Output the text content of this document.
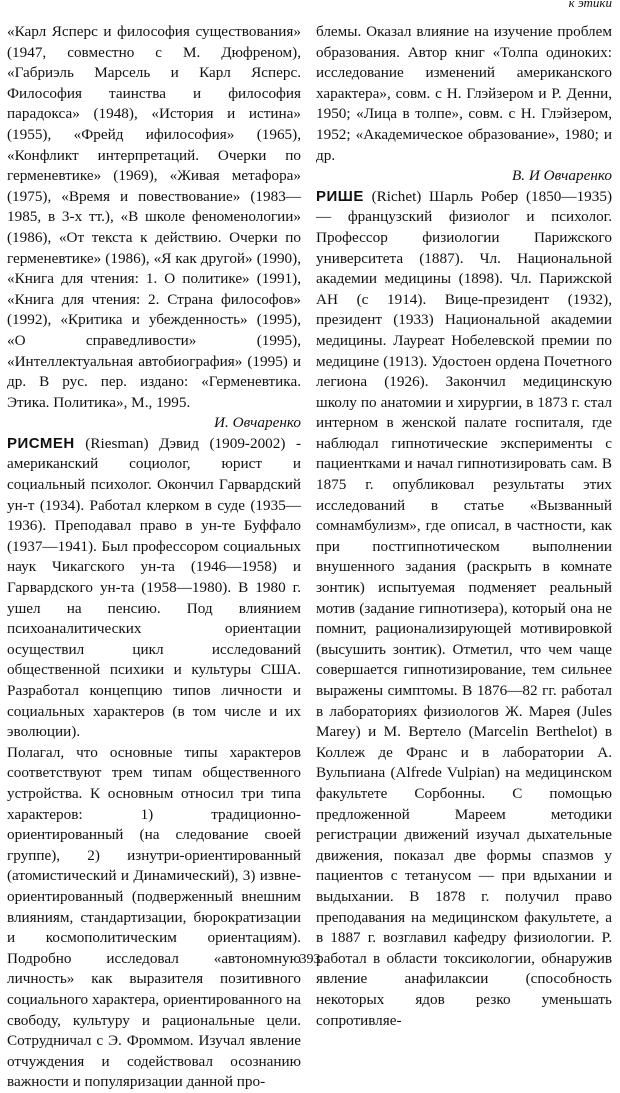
к этики

«Карл Ясперс и философия существования» (1947, совместно с М. Дюфреном), «Габриэль Марсель и Карл Ясперс. Философия таинства и философия парадокса» (1948), «История и истина» (1955), «Фрейд ифилософия» (1965), «Конфликт интерпретаций. Очерки по герменевтике» (1969), «Живая метафора» (1975), «Время и повествование» (1983—1985, в 3-х тт.), «В школе феноменологии» (1986), «От текста к действию. Очерки по герменевтике» (1986), «Я как другой» (1990), «Книга для чтения: 1. О политике» (1991), «Книга для чтения: 2. Страна философов» (1992), «Критика и убежденность» (1995), «О справедливости» (1995), «Интеллектуальная автобиография» (1995) и др. В рус. пер. издано: «Герменевтика. Этика. Политика», М., 1995.

И. Овчаренко

РИСМЕН (Riesman) Дэвид (1909-2002) - американский социолог, юрист и социальный психолог. Окончил Гарвардский ун-т (1934). Работал клерком в суде (1935—1936). Преподавал право в ун-те Буффало (1937—1941). Был профессором социальных наук Чикагского ун-та (1946—1958) и Гарвардского ун-та (1958—1980). В 1980 г. ушел на пенсию. Под влиянием психоаналитических ориентации осуществил цикл исследований общественной психики и культуры США. Разработал концепцию типов личности и социальных характеров (в том числе и их эволюции).

Полагал, что основные типы характеров соответствуют трем типам общественного устройства. К основным относил три типа характеров: 1) традиционно-ориентированный (на следование своей группе), 2) изнутри-ориентированный (атомистический и Динамический), 3) извне-ориентированный (подверженный внешним влияниям, стандартизации, бюрократизации и космополитическим ориентациям). Подробно исследовал «автономную личность» как выразителя позитивного социального характера, ориентированного на свободу, культуру и рациональные цели. Сотрудничал с Э. Фроммом. Изучал явление отчуждения и содействовал осознанию важности и популяризации данной про-

блемы. Оказал влияние на изучение проблем образования. Автор книг «Толпа одиноких: исследование изменений американского характера», совм. с Н. Глэйзером и Р. Денни, 1950; «Лица в толпе», совм. с Н. Глэйзером, 1952; «Академическое образование», 1980; и др.

В. И Овчаренко

РИШЕ (Richet) Шарль Робер (1850—1935) — французский физиолог и психолог. Профессор физиологии Парижского университета (1887). Чл. Национальной академии медицины (1898). Чл. Парижской АН (с 1914). Вице-президент (1932), президент (1933) Национальной академии медицины. Лауреат Нобелевской премии по медицине (1913). Удостоен ордена Почетного легиона (1926). Закончил медицинскую школу по анатомии и хирургии, в 1873 г. стал интерном в женской палате госпиталя, где наблюдал гипнотические эксперименты с пациентками и начал гипнотизировать сам. В 1875 г. опубликовал результаты этих исследований в статье «Вызванный сомнамбулизм», где описал, в частности, как при постгипнотическом выполнении внушенного задания (раскрыть в комнате зонтик) испытуемая подменяет реальный мотив (задание гипнотизера), который она не помнит, рационализирующей мотивировкой (высушить зонтик). Отметил, что чем чаще совершается гипнотизирование, тем сильнее выражены симптомы. В 1876—82 гг. работал в лабораториях физиологов Ж. Марея (Jules Marey) и М. Вертело (Marcelin Berthelot) в Коллеж де Франс и в лаборатории А. Вульпиана (Alfrede Vulpian) на медицинском факультете Сорбонны. С помощью предложенной Мареем методики регистрации движений изучал дыхательные движения, показал две формы спазмов у пациентов с тетанусом — при вдыхании и выдыхании. В 1878 г. получил право преподавания на медицинском факультете, а в 1887 г. возглавил кафедру физиологии. Р. работал в области токсикологии, обнаружив явление анафилаксии (способность некоторых ядов резко уменьшать сопротивляе-

393
